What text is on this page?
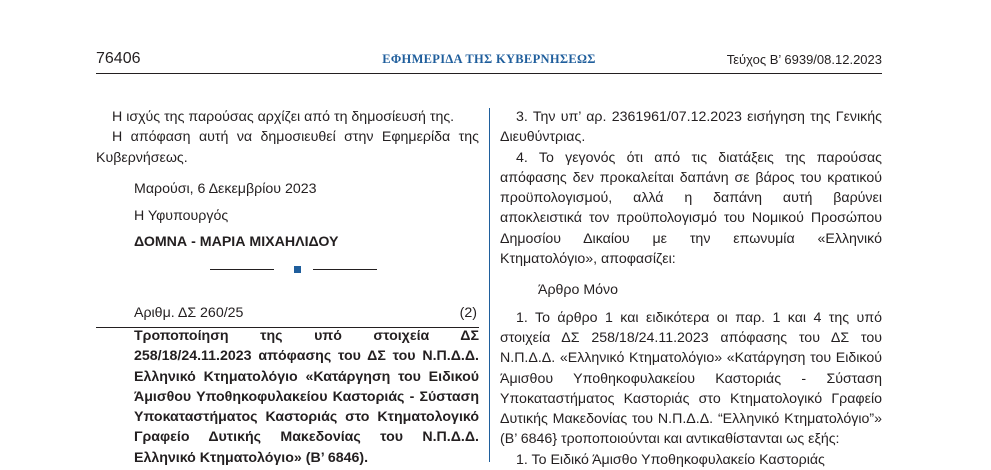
76406	ΕΦΗΜΕΡΙΔΑ ΤΗΣ ΚΥΒΕΡΝΗΣΕΩΣ	Τεύχος Β’ 6939/08.12.2023

Η ισχύς της παρούσας αρχίζει από τη δημοσίευσή της.

Η απόφαση αυτή να δημοσιευθεί στην Εφημερίδα της Κυβερνήσεως.

Μαρούσι, 6 Δεκεμβρίου 2023

Η Υφυπουργός

ΔΟΜΝΑ - ΜΑΡΙΑ ΜΙΧΑΗΛΙΔΟΥ

Αριθμ. ΔΣ 260/25	(2)

Τροποποίηση της υπό στοιχεία ΔΣ 258/18/24.11.2023 απόφασης του ΔΣ του Ν.Π.Δ.Δ. Ελληνικό Κτηματολόγιο «Κατάργηση του Ειδικού Άμισθου Υποθηκοφυλακείου Καστοριάς - Σύσταση Υποκαταστήματος Καστοριάς στο Κτηματολογικό Γραφείο Δυτικής Μακεδονίας του Ν.Π.Δ.Δ. Ελληνικό Κτηματολόγιο» (Β’ 6846).

3. Την υπ’ αρ. 2361961/07.12.2023 εισήγηση της Γενικής Διευθύντριας.

4. Το γεγονός ότι από τις διατάξεις της παρούσας απόφασης δεν προκαλείται δαπάνη σε βάρος του κρατικού προϋπολογισμού, αλλά η δαπάνη αυτή βαρύνει αποκλειστικά τον προϋπολογισμό του Νομικού Προσώπου Δημοσίου Δικαίου με την επωνυμία «Ελληνικό Κτηματολόγιο», αποφασίζει:

Άρθρο Μόνο

1. Το άρθρο 1 και ειδικότερα οι παρ. 1 και 4 της υπό στοιχεία ΔΣ 258/18/24.11.2023 απόφασης του ΔΣ του Ν.Π.Δ.Δ. «Ελληνικό Κτηματολόγιο» «Κατάργηση του Ειδικού Άμισθου Υποθηκοφυλακείου Καστοριάς - Σύσταση Υποκαταστήματος Καστοριάς στο Κτηματολογικό Γραφείο Δυτικής Μακεδονίας του Ν.Π.Δ.Δ. “Ελληνικό Κτηματολόγιο”» (Β’ 6846} τροποποιούνται και αντικαθίστανται ως εξής:

1. Το Ειδικό Άμισθο Υποθηκοφυλακείο Καστοριάς
